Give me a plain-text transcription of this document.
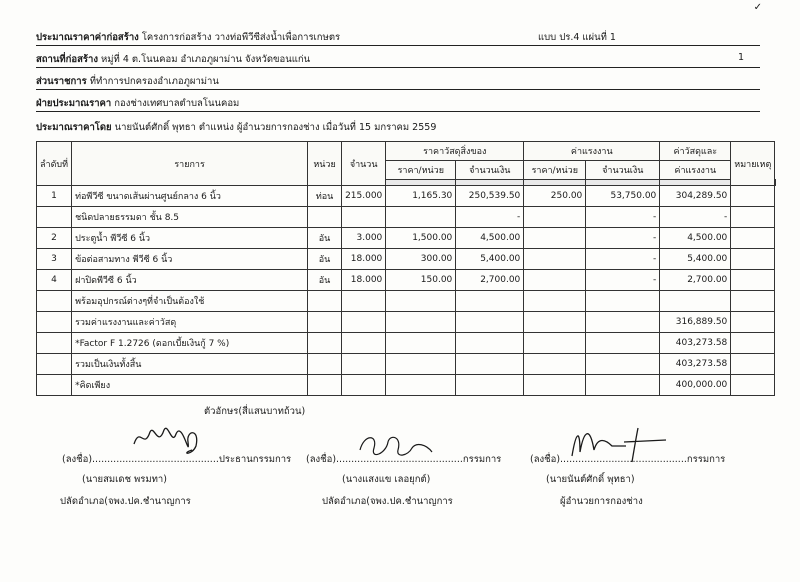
✓
ประมาณราคาค่าก่อสร้าง โครงการก่อสร้าง วางท่อพีวีซีส่งน้ำเพื่อการเกษตร	แบบ ปร.4 แผ่นที่ 1
สถานที่ก่อสร้าง หมู่ที่ 4 ต.โนนคอม อำเภอภูผาม่าน จังหวัดขอนแก่น	1
ส่วนราชการ ที่ทำการปกครองอำเภอภูผาม่าน
ฝ่ายประมาณราคา กองช่างเทศบาลตำบลโนนคอม
ประมาณราคาโดย นายนันต์ศักดิ์ พุทธา ตำแหน่ง ผู้อำนวยการกองช่าง เมื่อวันที่ 15 มกราคม 2559
ลำดับที่	รายการ	หน่วย	จำนวน	ราคาวัสดุสิ่งของ		ค่าแรงงาน		ค่าวัสดุและ	หมายเหตุ	
				ราคา/หน่วย	จำนวนเงิน	ราคา/หน่วย	จำนวนเงิน	ค่าแรงงาน		

1	ท่อพีวีซี ขนาดเส้นผ่านศูนย์กลาง 6 นิ้ว	ท่อน	215.000	1,165.30	250,539.50	250.00	53,750.00	304,289.50		
	ชนิดปลายธรรมดา ชั้น 8.5				-		-	-		
2	ประตูน้ำ พีวีซี 6 นิ้ว	อัน	3.000	1,500.00	4,500.00		-	4,500.00		
3	ข้อต่อสามทาง พีวีซี 6 นิ้ว	อัน	18.000	300.00	5,400.00		-	5,400.00		
4	ฝาปิดพีวีซี 6 นิ้ว	อัน	18.000	150.00	2,700.00		-	2,700.00		
	พร้อมอุปกรณ์ต่างๆที่จำเป็นต้องใช้									
	รวมค่าแรงงานและค่าวัสดุ							316,889.50		
	*Factor F 1.2726 (ดอกเบี้ยเงินกู้ 7 %)							403,273.58		
	รวมเป็นเงินทั้งสิ้น							403,273.58		
	*คิดเพียง							400,000.00		
ตัวอักษร(สี่แสนบาทถ้วน)
(ลงชื่อ)..........................................ประธานกรรมการ
(นายสมเดช พรมทา)
ปลัดอำเภอ(จพง.ปค.ชำนาญการ
(ลงชื่อ)..........................................กรรมการ
(นางแสงแข เลอยุกต์)
ปลัดอำเภอ(จพง.ปค.ชำนาญการ
(ลงชื่อ)..........................................กรรมการ
(นายนันต์ศักดิ์ พุทธา)
ผู้อำนวยการกองช่าง
